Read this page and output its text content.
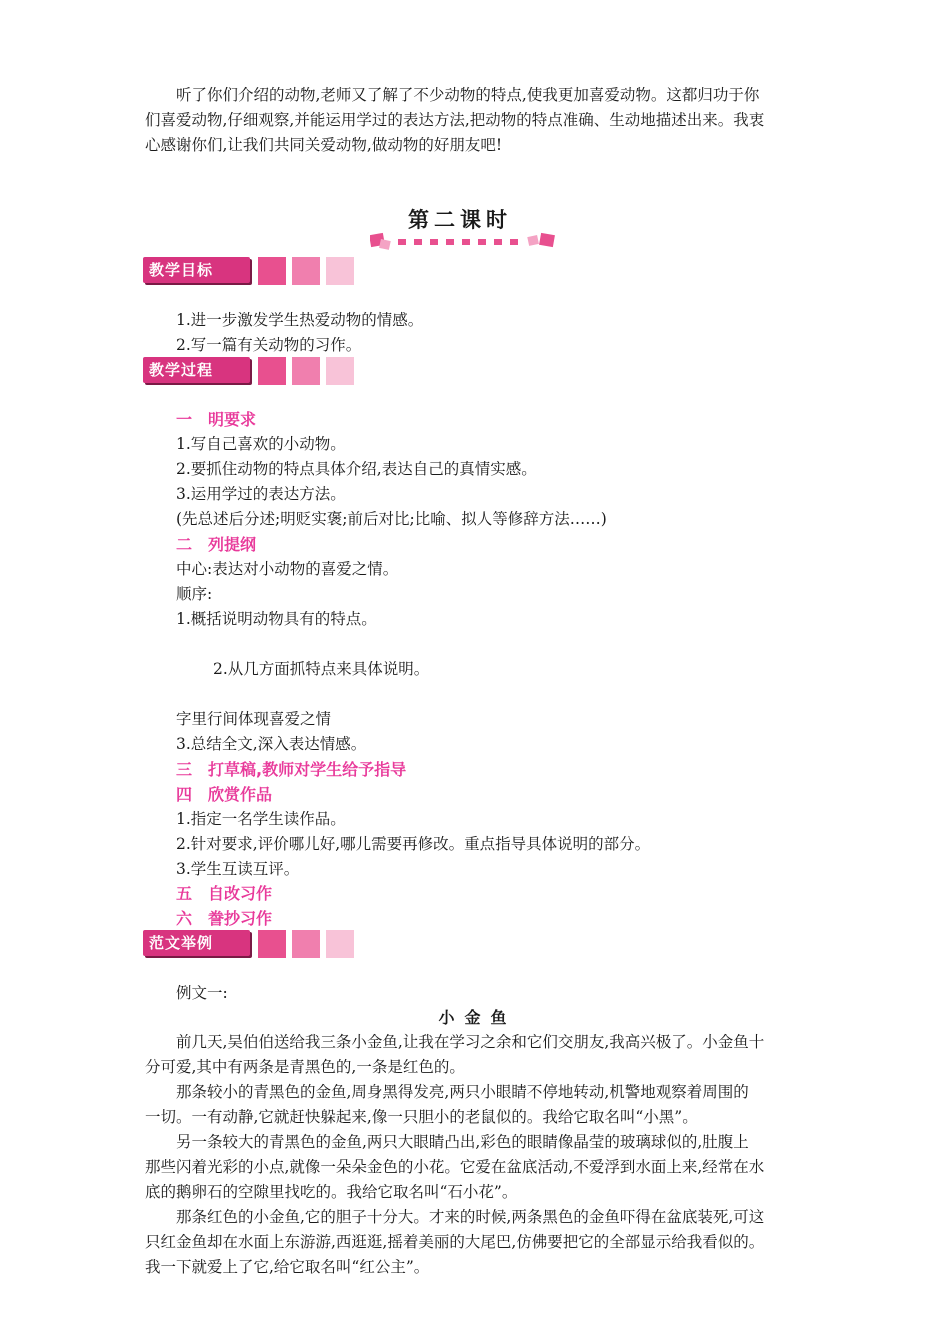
听了你们介绍的动物,老师又了解了不少动物的特点,使我更加喜爱动物。这都归功于你
们喜爱动物,仔细观察,并能运用学过的表达方法,把动物的特点准确、生动地描述出来。我衷
心感谢你们,让我们共同关爱动物,做动物的好朋友吧!
第二课时
教学目标
1.进一步激发学生热爱动物的情感。
2.写一篇有关动物的习作。
教学过程
一　明要求
1.写自己喜欢的小动物。
2.要抓住动物的特点具体介绍,表达自己的真情实感。
3.运用学过的表达方法。
(先总述后分述;明贬实褒;前后对比;比喻、拟人等修辞方法……)
二　列提纲
中心:表达对小动物的喜爱之情。
顺序:
1.概括说明动物具有的特点。
2.从几方面抓特点来具体说明。
字里行间体现喜爱之情
3.总结全文,深入表达情感。
三　打草稿,教师对学生给予指导
四　欣赏作品
1.指定一名学生读作品。
2.针对要求,评价哪儿好,哪儿需要再修改。重点指导具体说明的部分。
3.学生互读互评。
五　自改习作
六　誊抄习作
范文举例
例文一:
小金鱼
前几天,吴伯伯送给我三条小金鱼,让我在学习之余和它们交朋友,我高兴极了。小金鱼十
分可爱,其中有两条是青黑色的,一条是红色的。
那条较小的青黑色的金鱼,周身黑得发亮,两只小眼睛不停地转动,机警地观察着周围的
一切。一有动静,它就赶快躲起来,像一只胆小的老鼠似的。我给它取名叫“小黑”。
另一条较大的青黑色的金鱼,两只大眼睛凸出,彩色的眼睛像晶莹的玻璃球似的,肚腹上
那些闪着光彩的小点,就像一朵朵金色的小花。它爱在盆底活动,不爱浮到水面上来,经常在水
底的鹅卵石的空隙里找吃的。我给它取名叫“石小花”。
那条红色的小金鱼,它的胆子十分大。才来的时候,两条黑色的金鱼吓得在盆底装死,可这
只红金鱼却在水面上东游游,西逛逛,摇着美丽的大尾巴,仿佛要把它的全部显示给我看似的。
我一下就爱上了它,给它取名叫“红公主”。
